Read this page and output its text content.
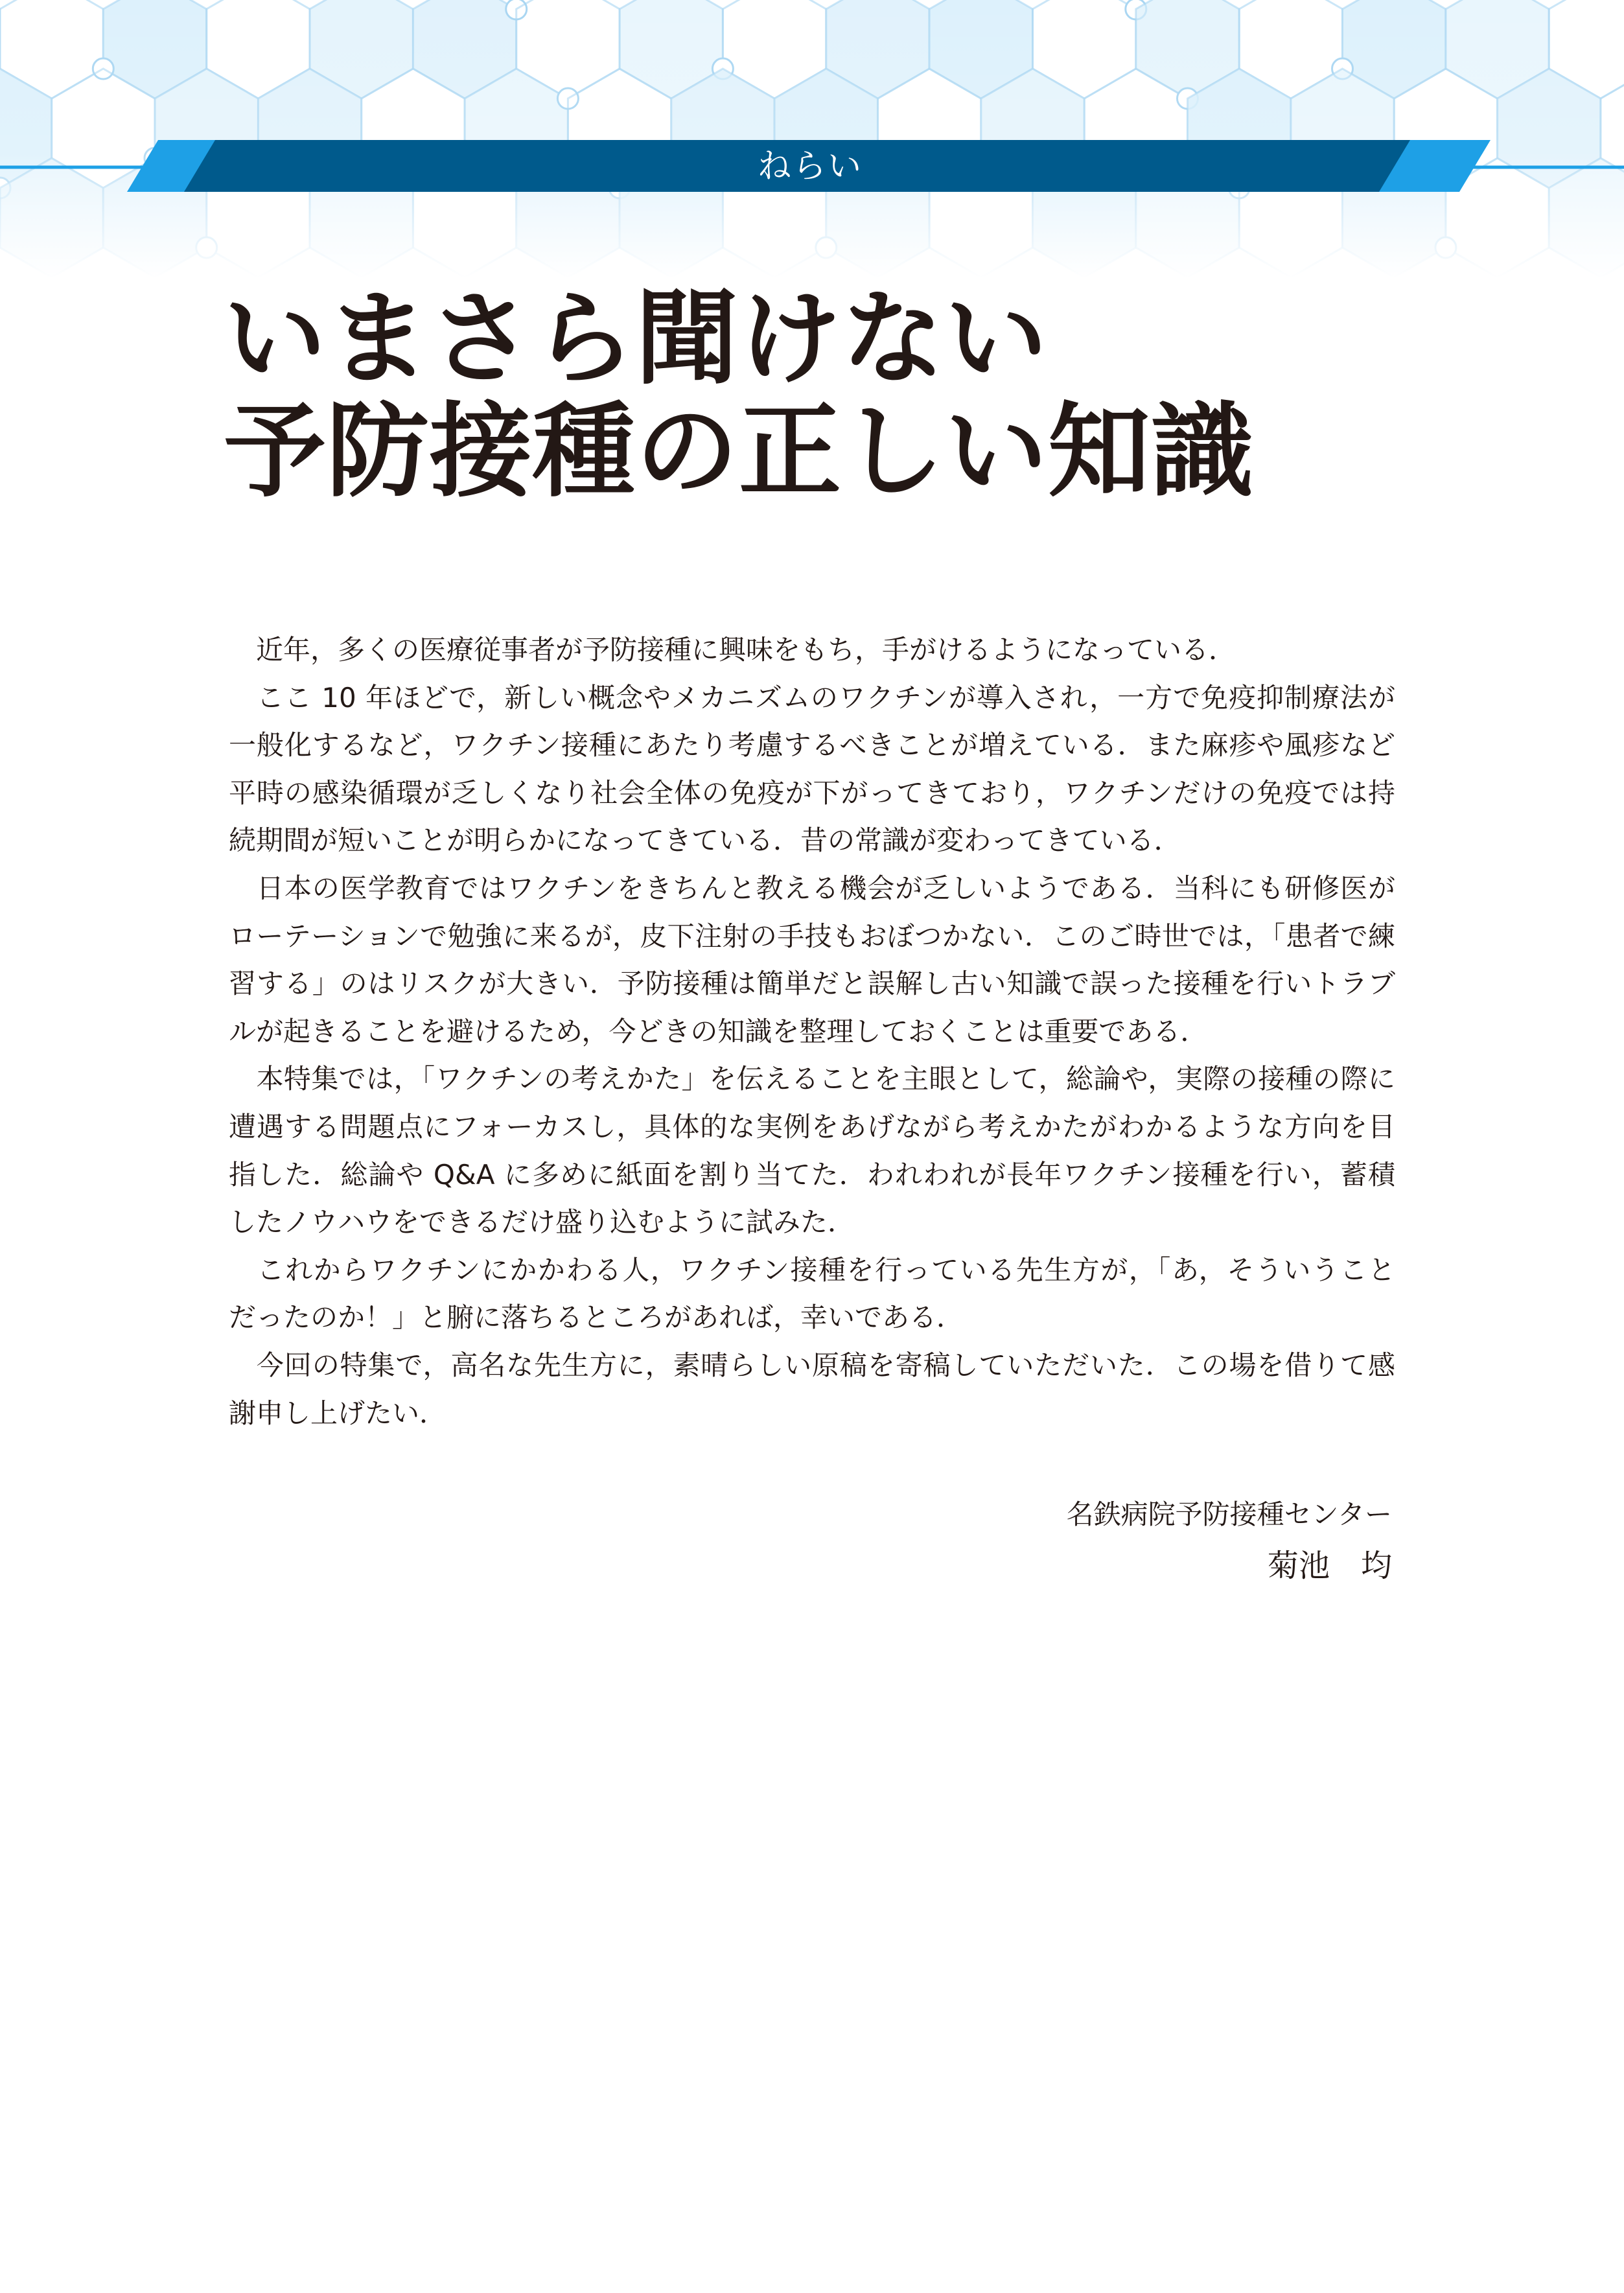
ねらい
いまさら聞けない
予防接種の正しい知識
　近年，多くの医療従事者が予防接種に興味をもち，手がけるようになっている．
　ここ 10 年ほどで，新しい概念やメカニズムのワクチンが導入され，一方で免疫抑制療法が
一般化するなど，ワクチン接種にあたり考慮するべきことが増えている．また麻疹や風疹など
平時の感染循環が乏しくなり社会全体の免疫が下がってきており，ワクチンだけの免疫では持
続期間が短いことが明らかになってきている．昔の常識が変わってきている．
　日本の医学教育ではワクチンをきちんと教える機会が乏しいようである．当科にも研修医が
ローテーションで勉強に来るが，皮下注射の手技もおぼつかない．このご時世では，「患者で練
習する」のはリスクが大きい．予防接種は簡単だと誤解し古い知識で誤った接種を行いトラブ
ルが起きることを避けるため，今どきの知識を整理しておくことは重要である．
　本特集では，「ワクチンの考えかた」を伝えることを主眼として，総論や，実際の接種の際に
遭遇する問題点にフォーカスし，具体的な実例をあげながら考えかたがわかるような方向を目
指した．総論や Q&A に多めに紙面を割り当てた．われわれが長年ワクチン接種を行い，蓄積
したノウハウをできるだけ盛り込むように試みた．
　これからワクチンにかかわる人，ワクチン接種を行っている先生方が，「あ，そういうこと
だったのか！」と腑に落ちるところがあれば，幸いである．
　今回の特集で，高名な先生方に，素晴らしい原稿を寄稿していただいた．この場を借りて感
謝申し上げたい．
名鉄病院予防接種センター
菊池　均
